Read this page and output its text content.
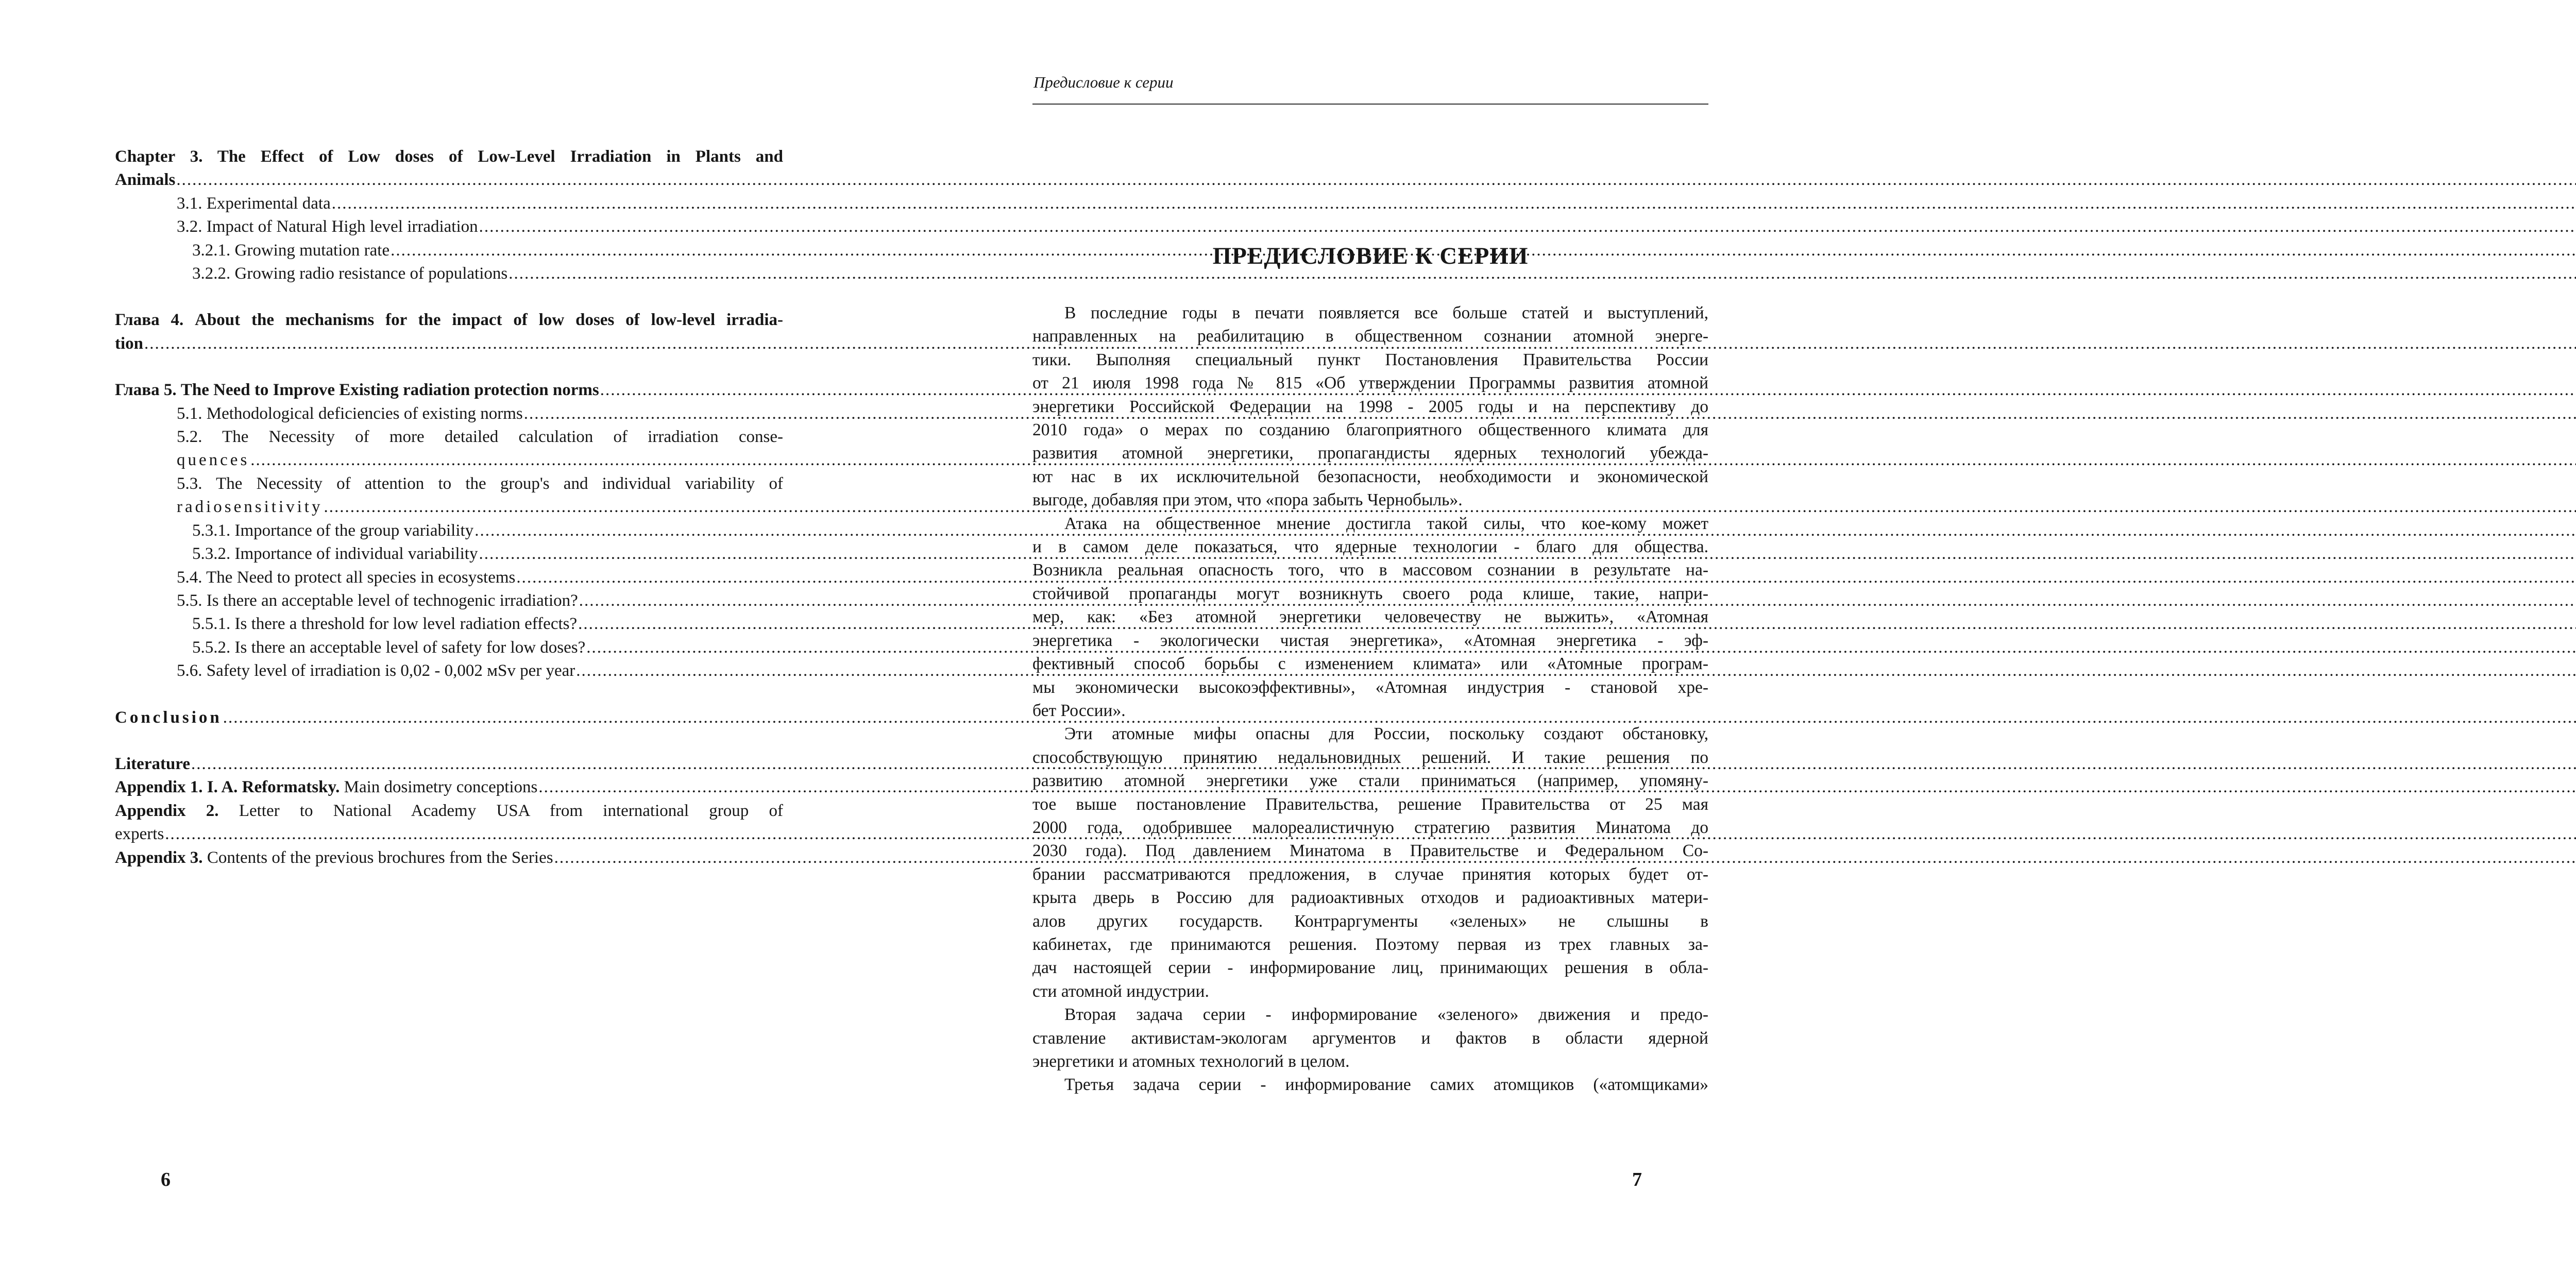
Chapter 3. The Effect of Low doses of Low-Level Irradiation in Plants and
Animals
.....
3.1. Experimental data
.....
3.2. Impact of Natural High level irradiation
.....
3.2.1. Growing mutation rate
.....
3.2.2. Growing radio resistance of populations
.....
Глава 4. About the mechanisms for the impact of low doses of low-level irradia-
tion
.....
Глава 5. The Need to Improve Existing radiation protection norms
.....
5.1. Methodological deficiencies of existing norms
.....
5.2. The Necessity of more detailed calculation of irradiation conse-
quences
.....
5.3. The Necessity of attention to the group's and individual variability of
radiosensitivity
.....
5.3.1. Importance of the group variability
.....
5.3.2. Importance of individual variability
.....
5.4. The Need to protect all species in ecosystems
.....
5.5. Is there an acceptable level of technogenic irradiation?
.....
5.5.1. Is there a threshold for low level radiation effects?
.....
5.5.2. Is there an acceptable level of safety for low doses?
.....
5.6. Safety level of irradiation is 0,02 - 0,002 мSv per year
.....
Conclusion
.....
Literature
.....
Appendix 1. I. A. Reformatsky. Main dosimetry conceptions
.....
Appendix 2. Letter to National Academy USA from international group of
experts
.....
Appendix 3. Contents of the previous brochures from the Series
.....
6
Предисловие к серии
ПРЕДИСЛОВИЕ К СЕРИИ
В последние годы в печати появляется все больше статей и выступлений,
направленных на реабилитацию в общественном сознании атомной энерге-
тики. Выполняя специальный пункт Постановления Правительства России
от 21 июля 1998 года № 815 «Об утверждении Программы развития атомной
энергетики Российской Федерации на 1998 - 2005 годы и на перспективу до
2010 года» о мерах по созданию благоприятного общественного климата для
развития атомной энергетики, пропагандисты ядерных технологий убежда-
ют нас в их исключительной безопасности, необходимости и экономической
выгоде, добавляя при этом, что «пора забыть Чернобыль».
Атака на общественное мнение достигла такой силы, что кое-кому может
и в самом деле показаться, что ядерные технологии - благо для общества.
Возникла реальная опасность того, что в массовом сознании в результате на-
стойчивой пропаганды могут возникнуть своего рода клише, такие, напри-
мер, как: «Без атомной энергетики человечеству не выжить», «Атомная
энергетика - экологически чистая энергетика», «Атомная энергетика - эф-
фективный способ борьбы с изменением климата» или «Атомные програм-
мы экономически высокоэффективны», «Атомная индустрия - становой хре-
бет России».
Эти атомные мифы опасны для России, поскольку создают обстановку,
способствующую принятию недальновидных решений. И такие решения по
развитию атомной энергетики уже стали приниматься (например, упомяну-
тое выше постановление Правительства, решение Правительства от 25 мая
2000 года, одобрившее малореалистичную стратегию развития Минатома до
2030 года). Под давлением Минатома в Правительстве и Федеральном Со-
брании рассматриваются предложения, в случае принятия которых будет от-
крыта дверь в Россию для радиоактивных отходов и радиоактивных матери-
алов других государств. Контраргументы «зеленых» не слышны в
кабинетах, где принимаются решения. Поэтому первая из трех главных за-
дач настоящей серии - информирование лиц, принимающих решения в обла-
сти атомной индустрии.
Вторая задача серии - информирование «зеленого» движения и предо-
ставление активистам-экологам аргументов и фактов в области ядерной
энергетики и атомных технологий в целом.
Третья задача серии - информирование самих атомщиков («атомщиками»
7
